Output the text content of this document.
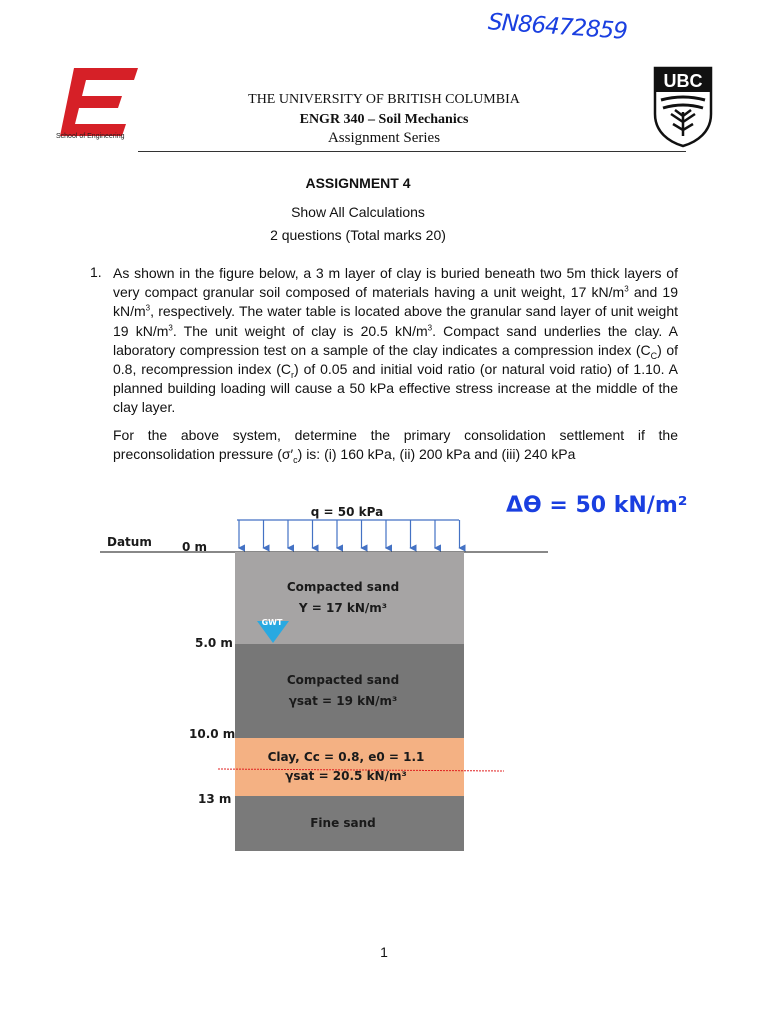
SN86472859
School of Engineering
UBC
THE UNIVERSITY OF BRITISH COLUMBIA
ENGR 340 – Soil Mechanics
Assignment Series
ASSIGNMENT 4
Show All Calculations
2 questions (Total marks 20)
1. As shown in the figure below, a 3 m layer of clay is buried beneath two 5m thick layers of very compact granular soil composed of materials having a unit weight, 17 kN/m$^3$ and 19 kN/m$^3$, respectively. The water table is located above the granular sand layer of unit weight 19 kN/m$^3$. The unit weight of clay is 20.5 kN/m$^3$. Compact sand underlies the clay. A laboratory compression test on a sample of the clay indicates a compression index $(C_C)$ of 0.8, recompression index $(C_r)$ of 0.05 and initial void ratio (or natural void ratio) of 1.10. A planned building loading will cause a 50 kPa effective stress increase at the middle of the clay layer.
For the above system, determine the primary consolidation settlement if the preconsolidation pressure $(\sigma'_c)$ is: (i) 160 kPa, (ii) 200 kPa and (iii) 240 kPa
ΔӨ = 50 kN/m²
q = 50 kPa
Datum
Compacted sand
Y = 17 kN/m³
Compacted sand
γsat = 19 kN/m³
Clay, Cc = 0.8, e0 = 1.1
γsat = 20.5 kN/m³
Fine sand
GWT
0 m
5.0 m
10.0 m
13 m
1
